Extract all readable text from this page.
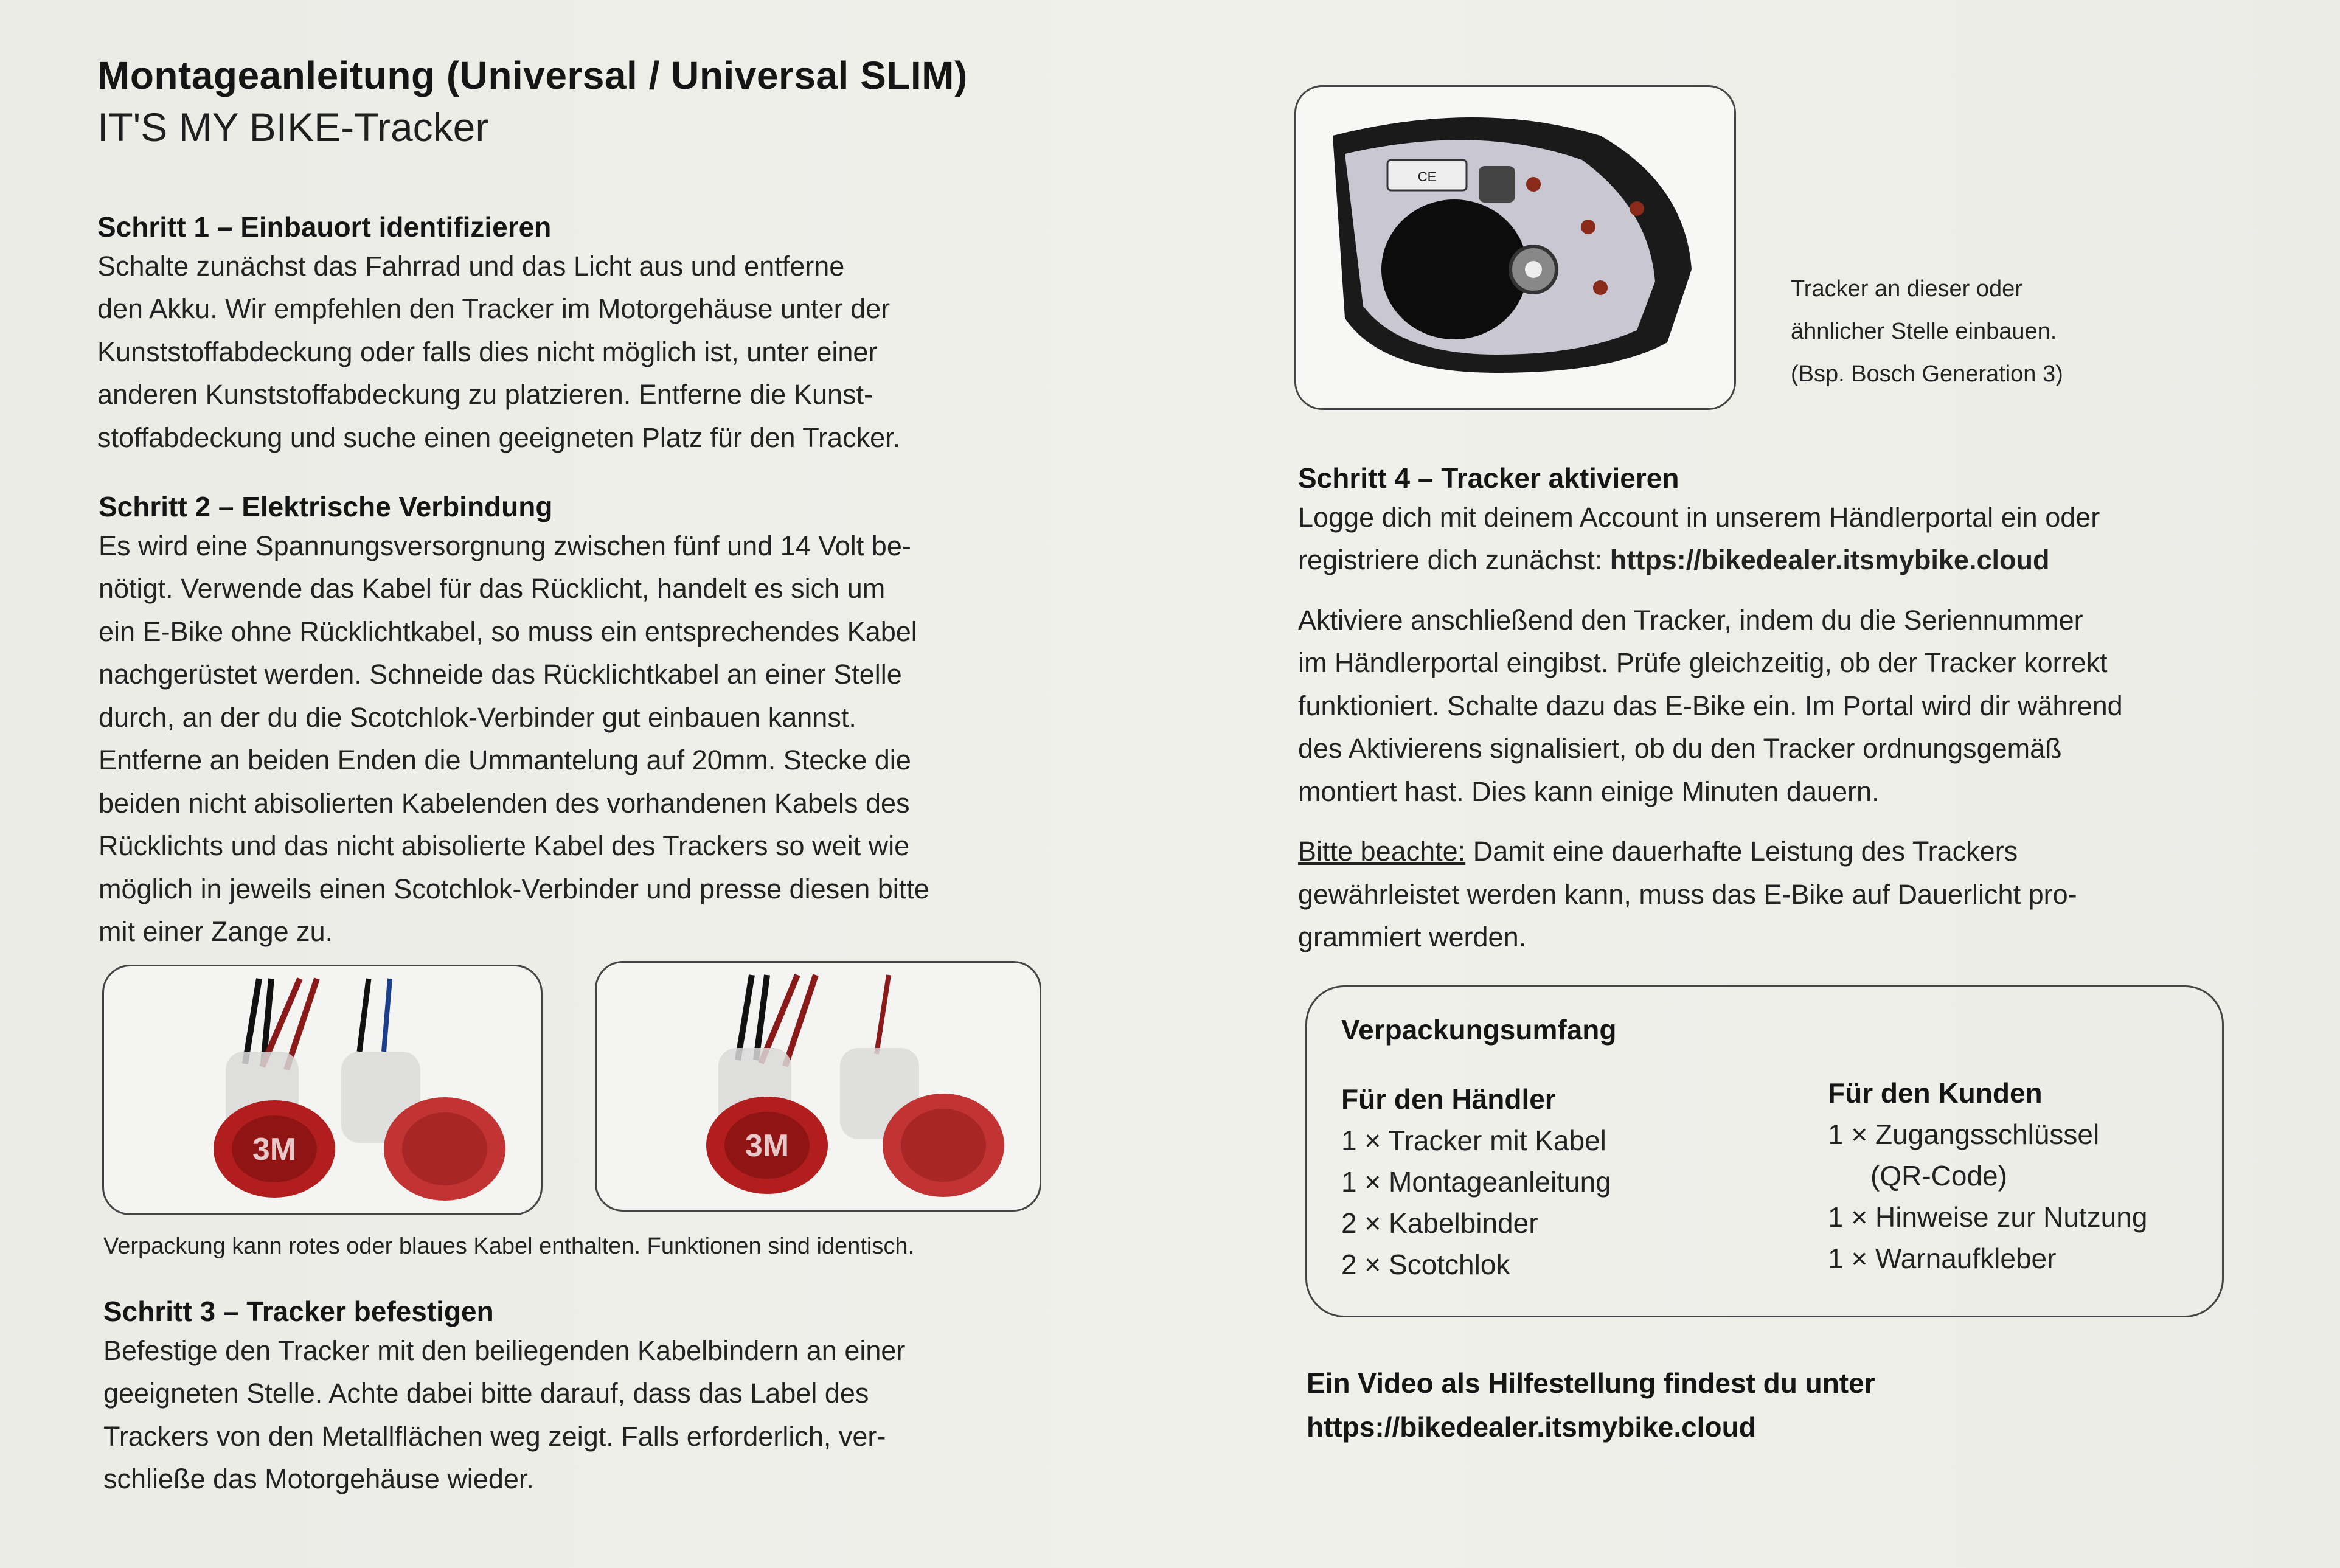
Montageanleitung (Universal / Universal SLIM)
IT'S MY BIKE-Tracker
Schritt 1 – Einbauort identifizieren
Schalte zunächst das Fahrrad und das Licht aus und entferne
den Akku. Wir empfehlen den Tracker im Motorgehäuse unter der
Kunststoffabdeckung oder falls dies nicht möglich ist, unter einer
anderen Kunststoffabdeckung zu platzieren. Entferne die Kunst-
stoffabdeckung und suche einen geeigneten Platz für den Tracker.
Schritt 2 – Elektrische Verbindung
Es wird eine Spannungsversorgnung zwischen fünf und 14 Volt be-
nötigt. Verwende das Kabel für das Rücklicht, handelt es sich um
ein E-Bike ohne Rücklichtkabel, so muss ein entsprechendes Kabel
nachgerüstet werden. Schneide das Rücklichtkabel an einer Stelle
durch, an der du die Scotchlok-Verbinder gut einbauen kannst.
Entferne an beiden Enden die Ummantelung auf 20mm. Stecke die
beiden nicht abisolierten Kabelenden des vorhandenen Kabels des
Rücklichts und das nicht abisolierte Kabel des Trackers so weit wie
möglich in jeweils einen Scotchlok-Verbinder und presse diesen bitte
mit einer Zange zu.
3M	3M
Verpackung kann rotes oder blaues Kabel enthalten. Funktionen sind identisch.
Schritt 3 – Tracker befestigen
Befestige den Tracker mit den beiliegenden Kabelbindern an einer
geeigneten Stelle. Achte dabei bitte darauf, dass das Label des
Trackers von den Metallflächen weg zeigt. Falls erforderlich, ver-
schließe das Motorgehäuse wieder.
CE
Tracker an dieser oder
ähnlicher Stelle einbauen.
(Bsp. Bosch Generation 3)
Schritt 4 – Tracker aktivieren
Logge dich mit deinem Account in unserem Händlerportal ein oder
registriere dich zunächst: https://bikedealer.itsmybike.cloud
Aktiviere anschließend den Tracker, indem du die Seriennummer
im Händlerportal eingibst. Prüfe gleichzeitig, ob der Tracker korrekt
funktioniert. Schalte dazu das E-Bike ein. Im Portal wird dir während
des Aktivierens signalisiert, ob du den Tracker ordnungsgemäß
montiert hast. Dies kann einige Minuten dauern.
Bitte beachte: Damit eine dauerhafte Leistung des Trackers
gewährleistet werden kann, muss das E-Bike auf Dauerlicht pro-
grammiert werden.
Verpackungsumfang
Für den Händler
1 × Tracker mit Kabel
1 × Montageanleitung
2 × Kabelbinder
2 × Scotchlok
Für den Kunden
1 × Zugangsschlüssel
(QR-Code)
1 × Hinweise zur Nutzung
1 × Warnaufkleber
Ein Video als Hilfestellung findest du unter
https://bikedealer.itsmybike.cloud
